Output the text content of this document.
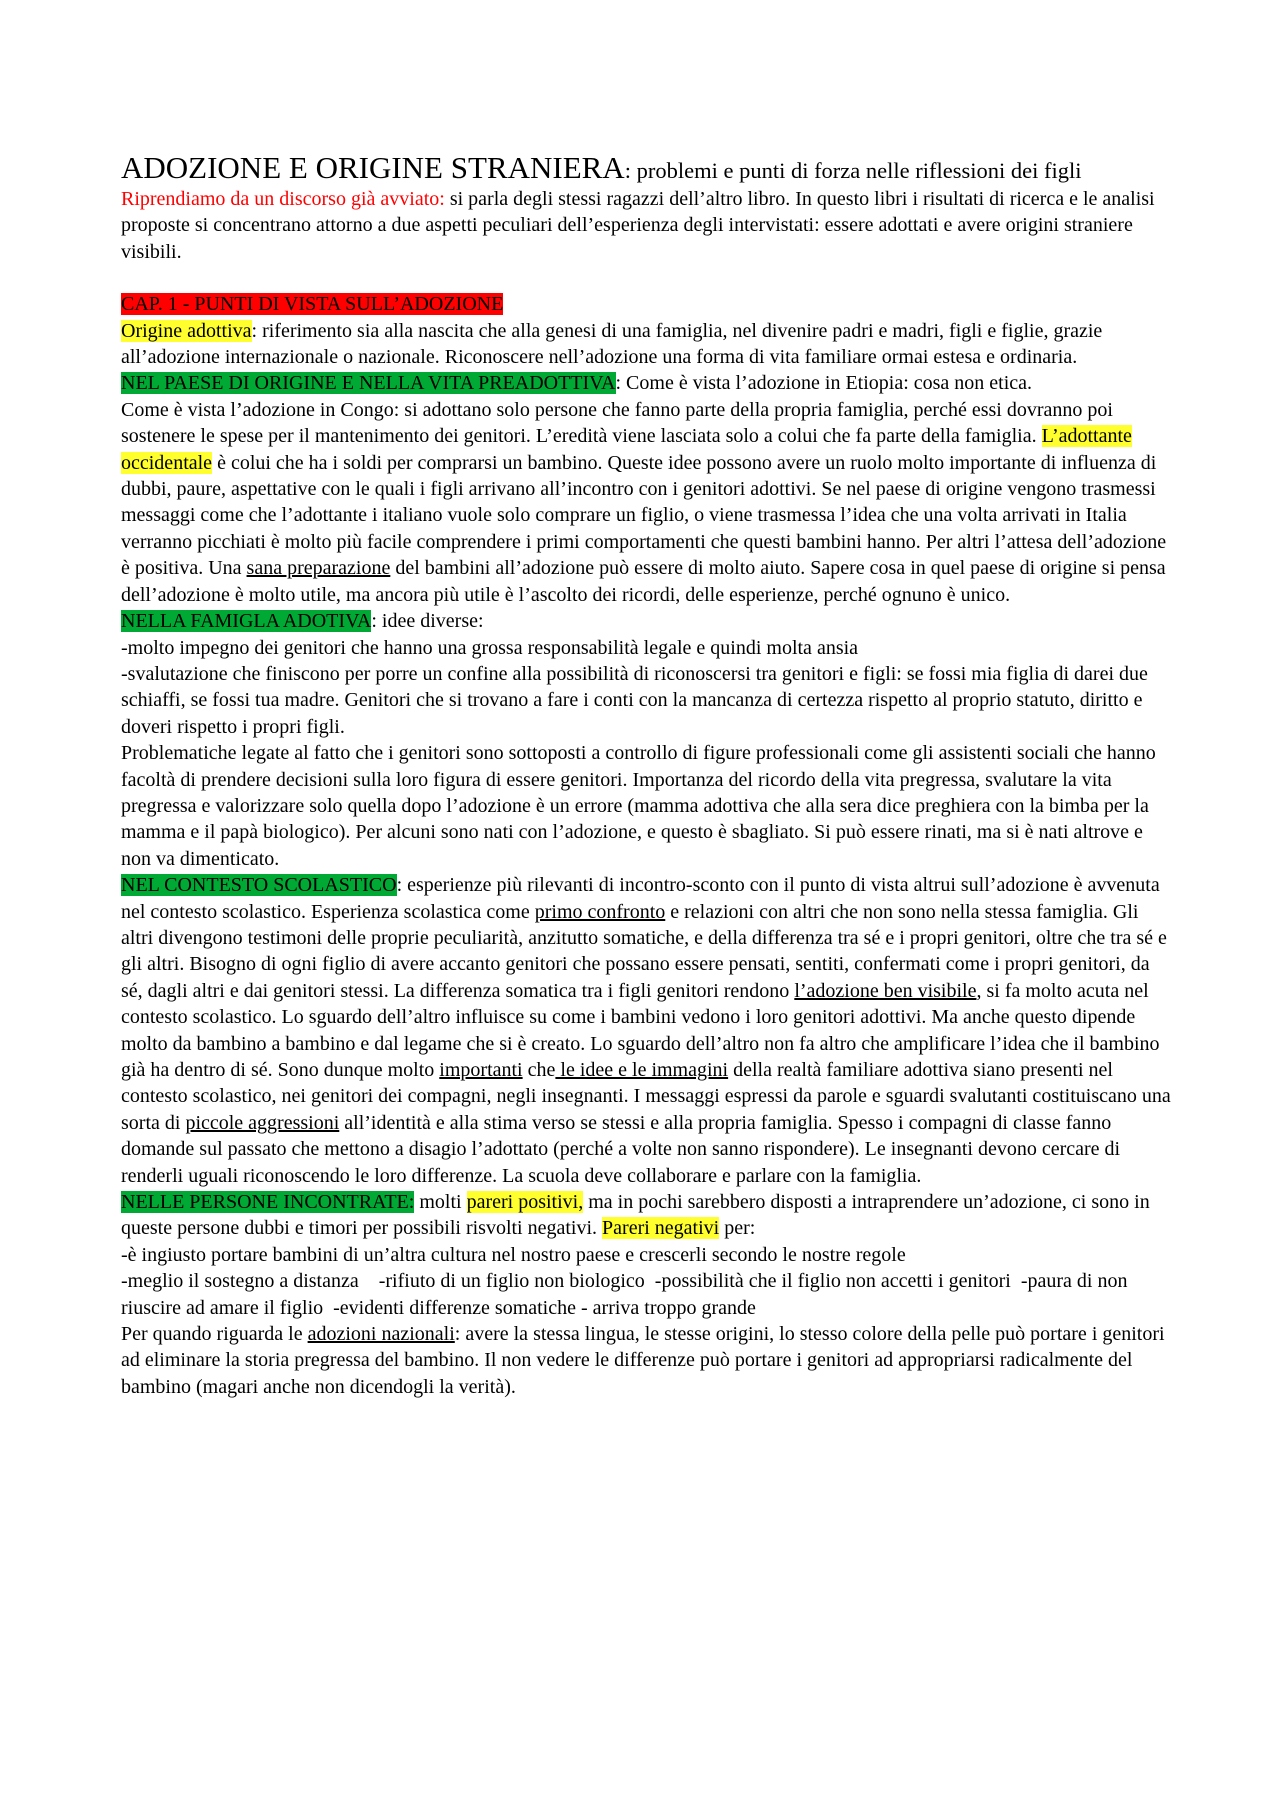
ADOZIONE E ORIGINE STRANIERA: problemi e punti di forza nelle riflessioni dei figli

Riprendiamo da un discorso già avviato: si parla degli stessi ragazzi dell’altro libro. In questo libri i risultati di ricerca e le analisi proposte si concentrano attorno a due aspetti peculiari dell’esperienza degli intervistati: essere adottati e avere origini straniere visibili.

CAP. 1 - PUNTI DI VISTA SULL’ADOZIONE

Origine adottiva: riferimento sia alla nascita che alla genesi di una famiglia, nel divenire padri e madri, figli e figlie, grazie all’adozione internazionale o nazionale. Riconoscere nell’adozione una forma di vita familiare ormai estesa e ordinaria.

NEL PAESE DI ORIGINE E NELLA VITA PREADOTTIVA: Come è vista l’adozione in Etiopia: cosa non etica.

Come è vista l’adozione in Congo: si adottano solo persone che fanno parte della propria famiglia, perché essi dovranno poi sostenere le spese per il mantenimento dei genitori. L’eredità viene lasciata solo a colui che fa parte della famiglia. L’adottante occidentale è colui che ha i soldi per comprarsi un bambino. Queste idee possono avere un ruolo molto importante di influenza di dubbi, paure, aspettative con le quali i figli arrivano all’incontro con i genitori adottivi. Se nel paese di origine vengono trasmessi messaggi come che l’adottante i italiano vuole solo comprare un figlio, o viene trasmessa l’idea che una volta arrivati in Italia verranno picchiati è molto più facile comprendere i primi comportamenti che questi bambini hanno. Per altri l’attesa dell’adozione è positiva. Una sana preparazione del bambini all’adozione può essere di molto aiuto. Sapere cosa in quel paese di origine si pensa dell’adozione è molto utile, ma ancora più utile è l’ascolto dei ricordi, delle esperienze, perché ognuno è unico.

NELLA FAMIGLA ADOTIVA: idee diverse:

-molto impegno dei genitori che hanno una grossa responsabilità legale e quindi molta ansia

-svalutazione che finiscono per porre un confine alla possibilità di riconoscersi tra genitori e figli: se fossi mia figlia di darei due schiaffi, se fossi tua madre. Genitori che si trovano a fare i conti con la mancanza di certezza rispetto al proprio statuto, diritto e doveri rispetto i propri figli.

Problematiche legate al fatto che i genitori sono sottoposti a controllo di figure professionali come gli assistenti sociali che hanno facoltà di prendere decisioni sulla loro figura di essere genitori. Importanza del ricordo della vita pregressa, svalutare la vita pregressa e valorizzare solo quella dopo l’adozione è un errore (mamma adottiva che alla sera dice preghiera con la bimba per la mamma e il papà biologico). Per alcuni sono nati con l’adozione, e questo è sbagliato. Si può essere rinati, ma si è nati altrove e non va dimenticato.

NEL CONTESTO SCOLASTICO: esperienze più rilevanti di incontro-sconto con il punto di vista altrui sull’adozione è avvenuta nel contesto scolastico. Esperienza scolastica come primo confronto e relazioni con altri che non sono nella stessa famiglia. Gli altri divengono testimoni delle proprie peculiarità, anzitutto somatiche, e della differenza tra sé e i propri genitori, oltre che tra sé e gli altri. Bisogno di ogni figlio di avere accanto genitori che possano essere pensati, sentiti, confermati come i propri genitori, da sé, dagli altri e dai genitori stessi. La differenza somatica tra i figli genitori rendono l’adozione ben visibile, si fa molto acuta nel contesto scolastico. Lo sguardo dell’altro influisce su come i bambini vedono i loro genitori adottivi. Ma anche questo dipende molto da bambino a bambino e dal legame che si è creato. Lo sguardo dell’altro non fa altro che amplificare l’idea che il bambino già ha dentro di sé. Sono dunque molto importanti che le idee e le immagini della realtà familiare adottiva siano presenti nel contesto scolastico, nei genitori dei compagni, negli insegnanti. I messaggi espressi da parole e sguardi svalutanti costituiscano una sorta di piccole aggressioni all’identità e alla stima verso se stessi e alla propria famiglia. Spesso i compagni di classe fanno domande sul passato che mettono a disagio l’adottato (perché a volte non sanno rispondere). Le insegnanti devono cercare di renderli uguali riconoscendo le loro differenze. La scuola deve collaborare e parlare con la famiglia.

NELLE PERSONE INCONTRATE: molti pareri positivi, ma in pochi sarebbero disposti a intraprendere un’adozione, ci sono in queste persone dubbi e timori per possibili risvolti negativi. Pareri negativi per:

-è ingiusto portare bambini di un’altra cultura nel nostro paese e crescerli secondo le nostre regole

-meglio il sostegno a distanza    -rifiuto di un figlio non biologico  -possibilità che il figlio non accetti i genitori  -paura di non riuscire ad amare il figlio  -evidenti differenze somatiche - arriva troppo grande

Per quando riguarda le adozioni nazionali: avere la stessa lingua, le stesse origini, lo stesso colore della pelle può portare i genitori ad eliminare la storia pregressa del bambino. Il non vedere le differenze può portare i genitori ad appropriarsi radicalmente del bambino (magari anche non dicendogli la verità).
